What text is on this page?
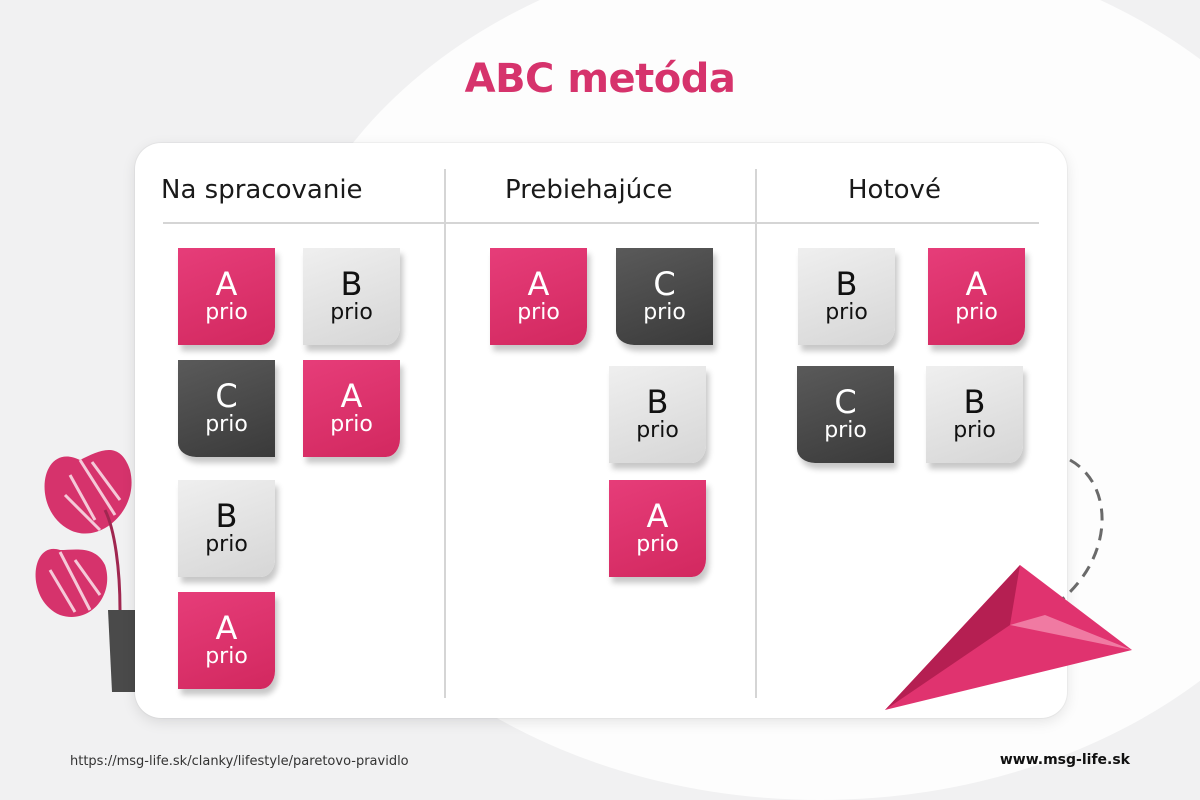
ABC metóda
Na spracovanie	Prebiehajúce	Hotové
A
prio
B
prio
C
prio
A
prio
B
prio
A
prio
A
prio
C
prio
B
prio
A
prio
B
prio
A
prio
C
prio
B
prio
https://msg-life.sk/clanky/lifestyle/paretovo-pravidlo	www.msg-life.sk
